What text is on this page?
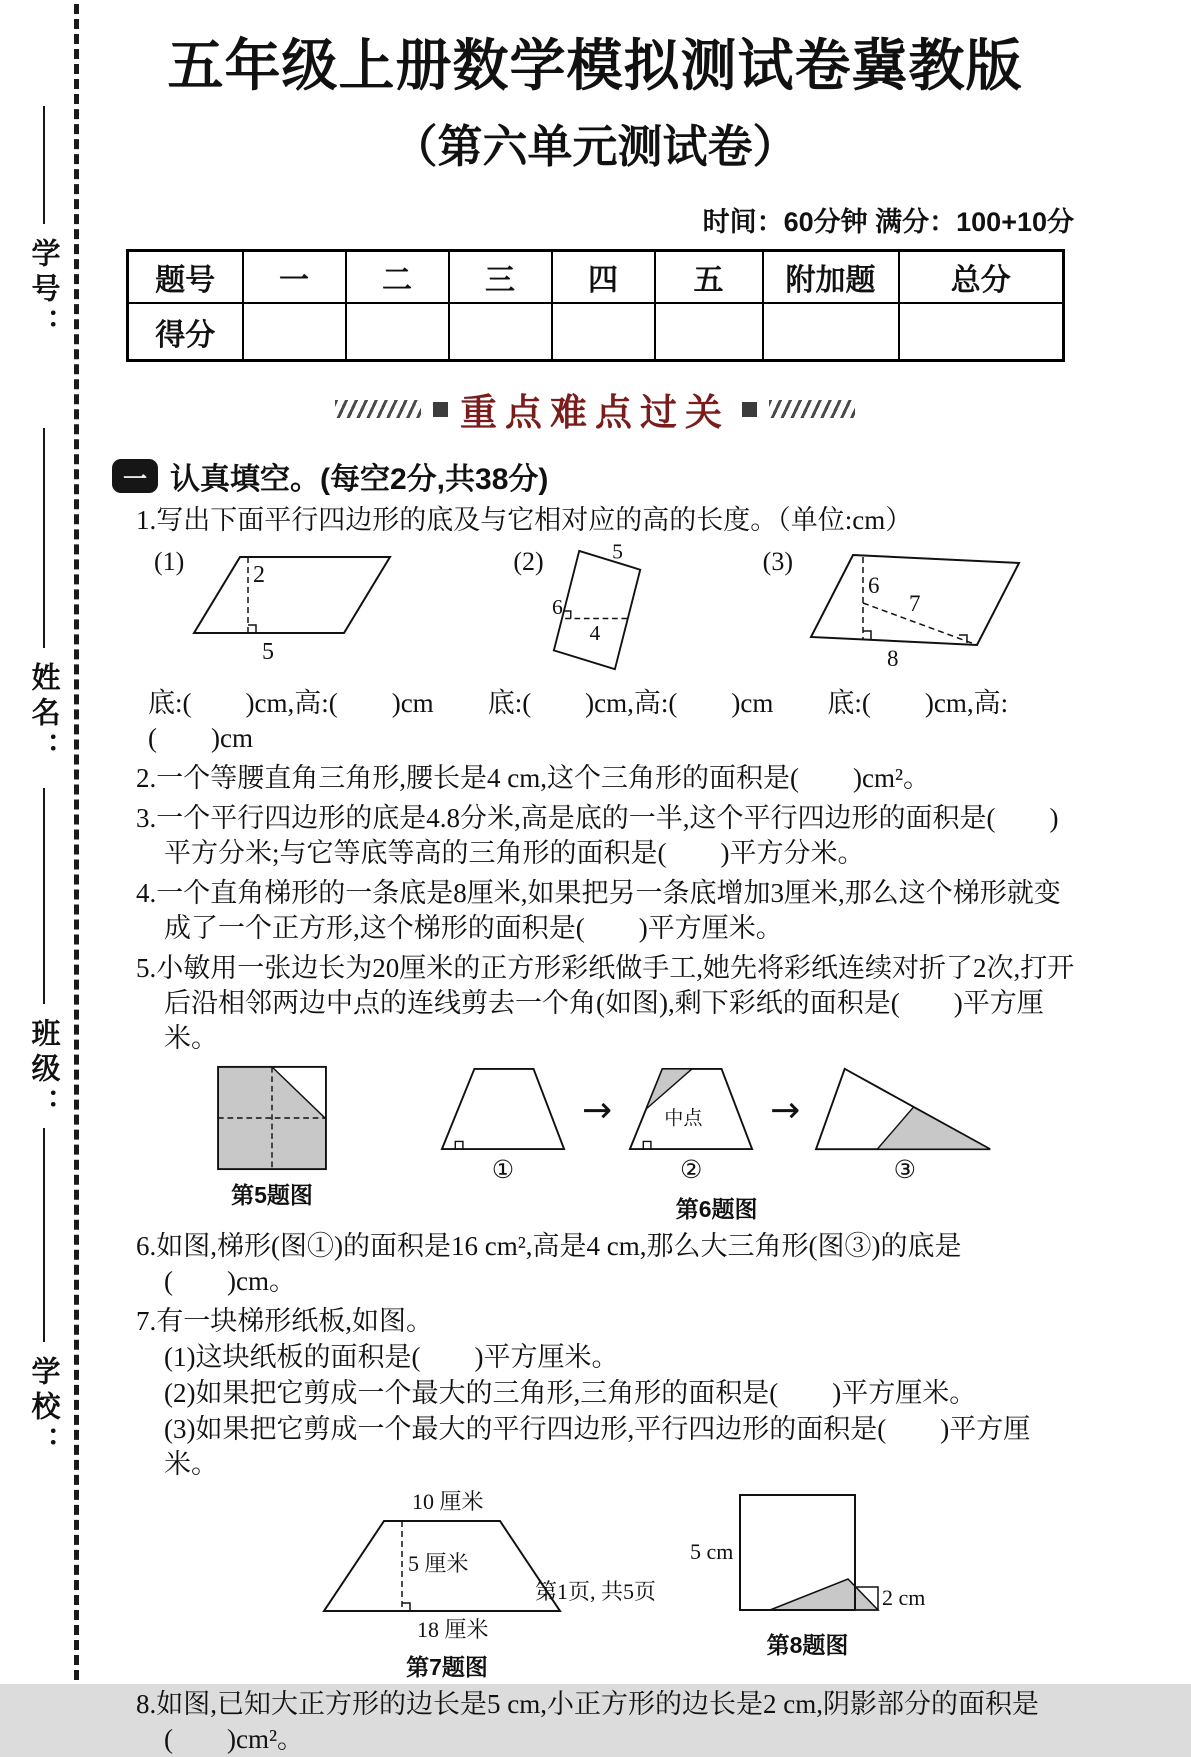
学号：
姓名：
班级：
学校：
五年级上册数学模拟测试卷冀教版
（第六单元测试卷）
时间：60分钟 满分：100+10分
题号	一	二	三	四	五	附加题	总分
得分							
重点难点过关
一 认真填空。(每空2分,共38分)

1.写出下面平行四边形的底及与它相对应的高的长度。（单位:cm）

(1)	2
5
(2)	5
6
4
(3)
6
7
8

底:(　　)cm,高:(　　)cm　　底:(　　)cm,高:(　　)cm　　底:(　　)cm,高:(　　)cm

2.一个等腰直角三角形,腰长是4 cm,这个三角形的面积是(　　)cm²。

3.一个平行四边形的底是4.8分米,高是底的一半,这个平行四边形的面积是(　　)平方分米;与它等底等高的三角形的面积是(　　)平方分米。

4.一个直角梯形的一条底是8厘米,如果把另一条底增加3厘米,那么这个梯形就变成了一个正方形,这个梯形的面积是(　　)平方厘米。

5.小敏用一张边长为20厘米的正方形彩纸做手工,她先将彩纸连续对折了2次,打开后沿相邻两边中点的连线剪去一个角(如图),剩下彩纸的面积是(　　)平方厘米。

第5题图
①
→	中点
②
→
③
第6题图

6.如图,梯形(图①)的面积是16 cm²,高是4 cm,那么大三角形(图③)的底是(　　)cm。

7.有一块梯形纸板,如图。

(1)这块纸板的面积是(　　)平方厘米。

(2)如果把它剪成一个最大的三角形,三角形的面积是(　　)平方厘米。

(3)如果把它剪成一个最大的平行四边形,平行四边形的面积是(　　)平方厘米。

10 厘米
5 厘米
18 厘米
第7题图
5 cm
2 cm
第8题图

8.如图,已知大正方形的边长是5 cm,小正方形的边长是2 cm,阴影部分的面积是(　　)cm²。

第1页, 共5页
